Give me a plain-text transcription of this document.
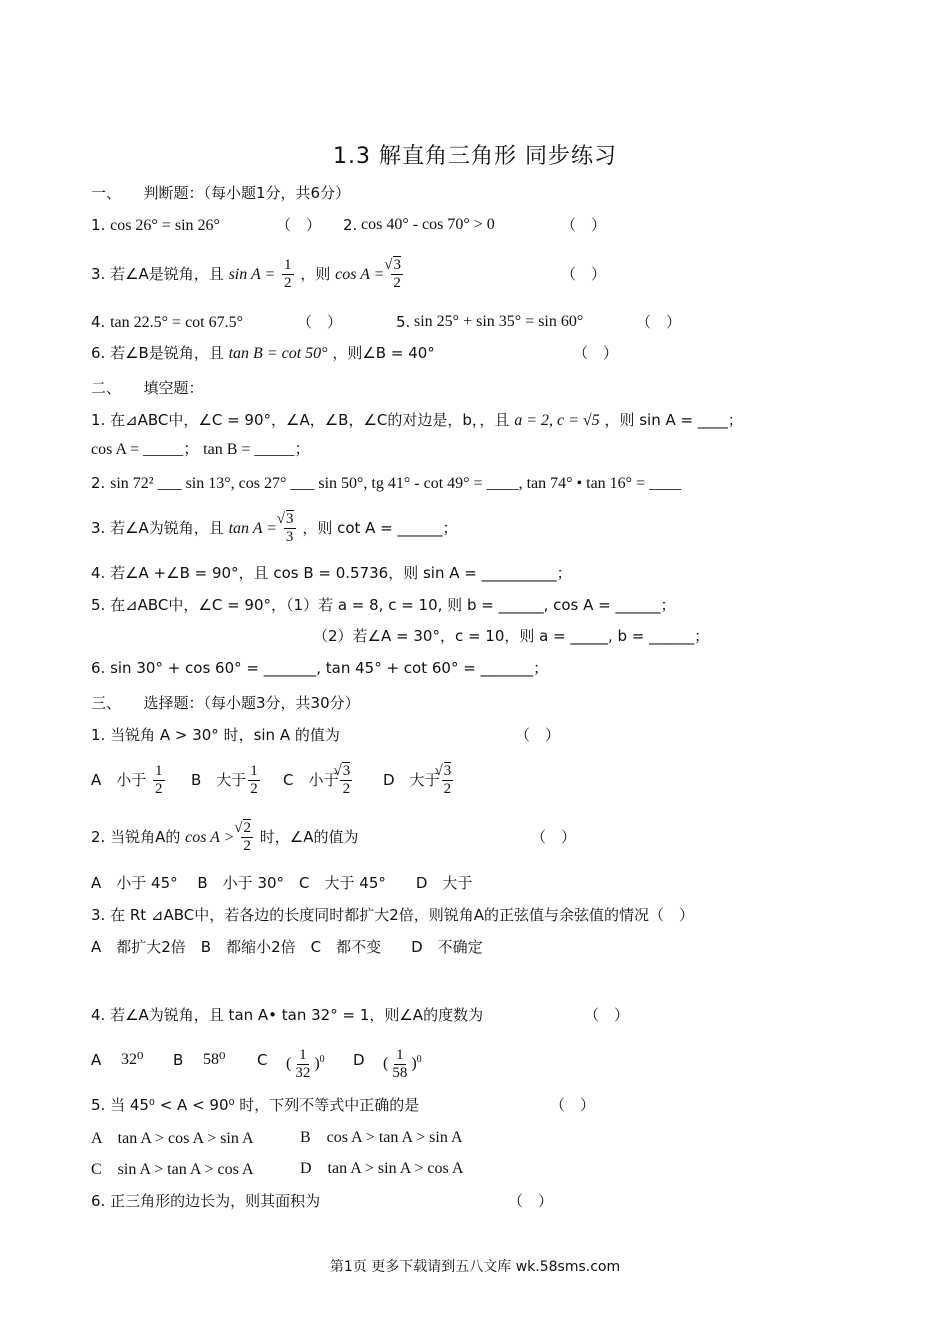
1.3 解直角三角形 同步练习
一、　　判断题：（每小题1分，共6分）
1. cos 26° = sin 26°	（　） 2. cos 40° - cos 70° > 0	（　）
3. 若∠A是锐角，且 $\sin A = \frac{1}{2}$ ，则 cos A = √ $\frac{3}{2}$	（　）
4. tan 22.5° = cot 67.5°	（　）	5. sin 25° + sin 35° = sin 60°	（　）
6. 若∠B是锐角，且 tan B = cot 50° ，则∠B = 40°	（　）
二、　　填空题：
1. 在⊿ABC中，∠C = 90°，∠A，∠B，∠C的对边是，b，，且 a = 2, c = √5 ，则 sin A = ____；
cos A = _____； tan B = _____；
2. sin 72² ___ sin 13°, cos 27° ___ sin 50°, tg 41° - cot 49° = ____, tan 74° • tan 16° = ____
3. 若∠A为锐角，且 tan A = √ $\frac{3}{3}$ ，则 cot A = ______；
4. 若∠A +∠B = 90°，且 cos B = 0.5736，则 sin A = __________；
5. 在⊿ABC中，∠C = 90°，（1）若 a = 8, c = 10, 则 b = ______, cos A = ______；
（2）若∠A = 30°，c = 10，则 a = _____, b = ______；
6. sin 30° + cos 60° = _______, tan 45° + cot 60° = _______；
三、　　选择题：（每小题3分，共30分）
1. 当锐角 A > 30° 时，sin A 的值为	（　）
A　小于 $\frac{1}{2}$ B　大于 $\frac{1}{2}$ C　小于 √ $\frac{3}{2}$ D　大于 √ $\frac{3}{2}$
2. 当锐角A的 cos A > √ $\frac{2}{2}$ 时，∠A的值为	（　）
A　小于 45°　 B　小于 30°　C　大于 45°　　D　大于
3. 在 Rt ⊿ABC中，若各边的长度同时都扩大2倍，则锐角A的正弦值与余弦值的情况（　）
A　都扩大2倍　B　都缩小2倍　C　都不变　　D　不确定
4. 若∠A为锐角，且 tan A• tan 32° = 1，则∠A的度数为	（　）
A 32⁰ B 58⁰ C ( $\frac{1}{32} )^0$ D ( $\frac{1}{58} )^0$
5. 当 45⁰ < A < 90⁰ 时，下列不等式中正确的是	（　）
A　tan A > cos A > sin A	B　cos A > tan A > sin A
C　sin A > tan A > cos A	D　tan A > sin A > cos A
6. 正三角形的边长为，则其面积为	（　）
第1页 更多下载请到五八文库 wk.58sms.com
